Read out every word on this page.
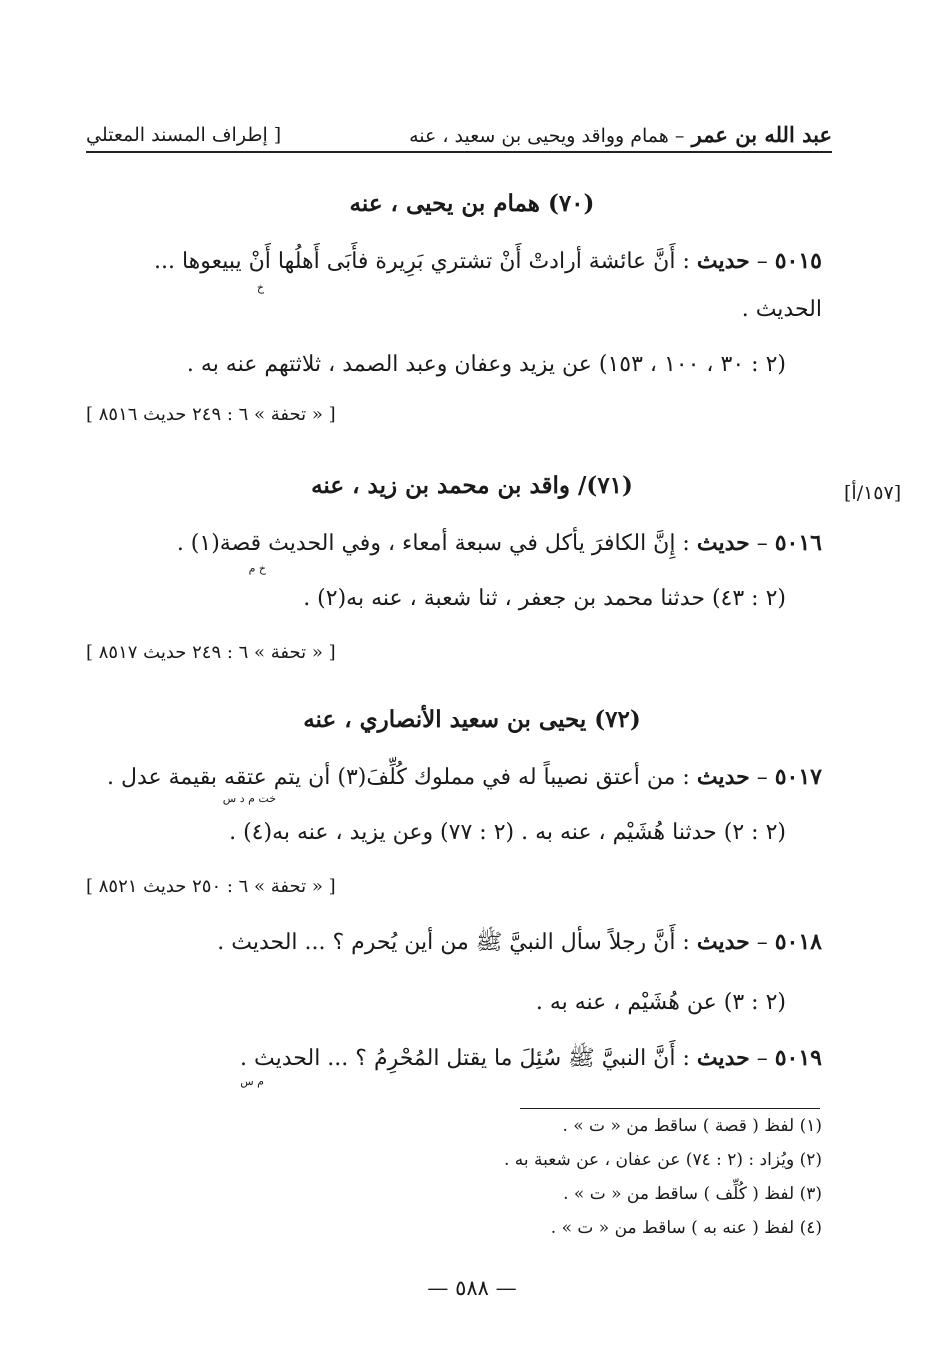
عبد الله بن عمر – همام وواقد ويحيى بن سعيد ، عنه
[ إطراف المسند المعتلي
(٧٠) همام بن يحيى ، عنه
٥٠١٥ – حديث : أَنَّ عائشة أرادتْ أَنْ تشتري بَرِيرة فأَبَى أَهلُها أَنْ يبيعوها ...
خ
الحديث .
(٢ : ٣٠ ، ١٠٠ ، ١٥٣) عن يزيد وعفان وعبد الصمد ، ثلاثتهم عنه به .
[ « تحفة » ٦ : ٢٤٩ حديث ٨٥١٦ ]
[١٥٧/أ]
(٧١)/ واقد بن محمد بن زيد ، عنه
٥٠١٦ – حديث : إِنَّ الكافرَ يأكل في سبعة أمعاء ، وفي الحديث قصة(١) .
خ م
(٢ : ٤٣) حدثنا محمد بن جعفر ، ثنا شعبة ، عنه به(٢) .
[ « تحفة » ٦ : ٢٤٩ حديث ٨٥١٧ ]
(٧٢) يحيى بن سعيد الأنصاري ، عنه
٥٠١٧ – حديث : من أعتق نصيباً له في مملوك كُلِّفَ(٣) أن يتم عتقه بقيمة عدل .
خت م د س
(٢ : ٢) حدثنا هُشَيْم ، عنه به . (٢ : ٧٧) وعن يزيد ، عنه به(٤) .
[ « تحفة » ٦ : ٢٥٠ حديث ٨٥٢١ ]
٥٠١٨ – حديث : أَنَّ رجلاً سأل النبيَّ ﷺ من أين يُحرم ؟ ... الحديث .
(٢ : ٣) عن هُشَيْم ، عنه به .
٥٠١٩ – حديث : أَنَّ النبيَّ ﷺ سُئِلَ ما يقتل المُحْرِمُ ؟ ... الحديث .
م س
(١) لفظ ( قصة ) ساقط من « ت » .
(٢) ويُزاد : (٢ : ٧٤) عن عفان ، عن شعبة به .
(٣) لفظ ( كُلِّف ) ساقط من « ت » .
(٤) لفظ ( عنه به ) ساقط من « ت » .
— ٥٨٨ —
